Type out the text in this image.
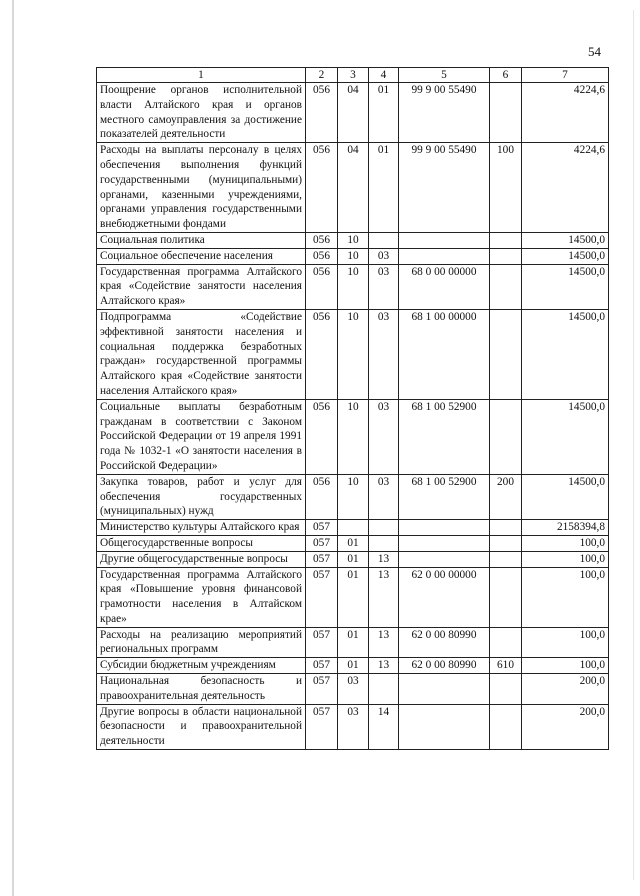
54
1	2	3	4	5	6	7
Поощрение органов исполнительной власти Алтайского края и органов местного самоуправления за достижение показателей деятельности	056	04	01	99 9 00 55490		4224,6
Расходы на выплаты персоналу в целях обеспечения выполнения функций государственными (муниципальными) органами, казенными учреждениями, органами управления государственными внебюджетными фондами	056	04	01	99 9 00 55490	100	4224,6
Социальная политика	056	10				14500,0
Социальное обеспечение населения	056	10	03			14500,0
Государственная программа Алтайского края «Содействие занятости населения Алтайского края»	056	10	03	68 0 00 00000		14500,0
Подпрограмма «Содействие эффективной занятости населения и социальная поддержка безработных граждан» государственной программы Алтайского края «Содействие занятости населения Алтайского края»	056	10	03	68 1 00 00000		14500,0
Социальные выплаты безработным гражданам в соответствии с Законом Российской Федерации от 19 апреля 1991 года № 1032-1 «О занятости населения в Российской Федерации»	056	10	03	68 1 00 52900		14500,0
Закупка товаров, работ и услуг для обеспечения государственных (муниципальных) нужд	056	10	03	68 1 00 52900	200	14500,0
Министерство культуры Алтайского края	057					2158394,8
Общегосударственные вопросы	057	01				100,0
Другие общегосударственные вопросы	057	01	13			100,0
Государственная программа Алтайского края «Повышение уровня финансовой грамотности населения в Алтайском крае»	057	01	13	62 0 00 00000		100,0
Расходы на реализацию мероприятий региональных программ	057	01	13	62 0 00 80990		100,0
Субсидии бюджетным учреждениям	057	01	13	62 0 00 80990	610	100,0
Национальная безопасность и правоохранительная деятельность	057	03				200,0
Другие вопросы в области национальной безопасности и правоохранительной деятельности	057	03	14			200,0
